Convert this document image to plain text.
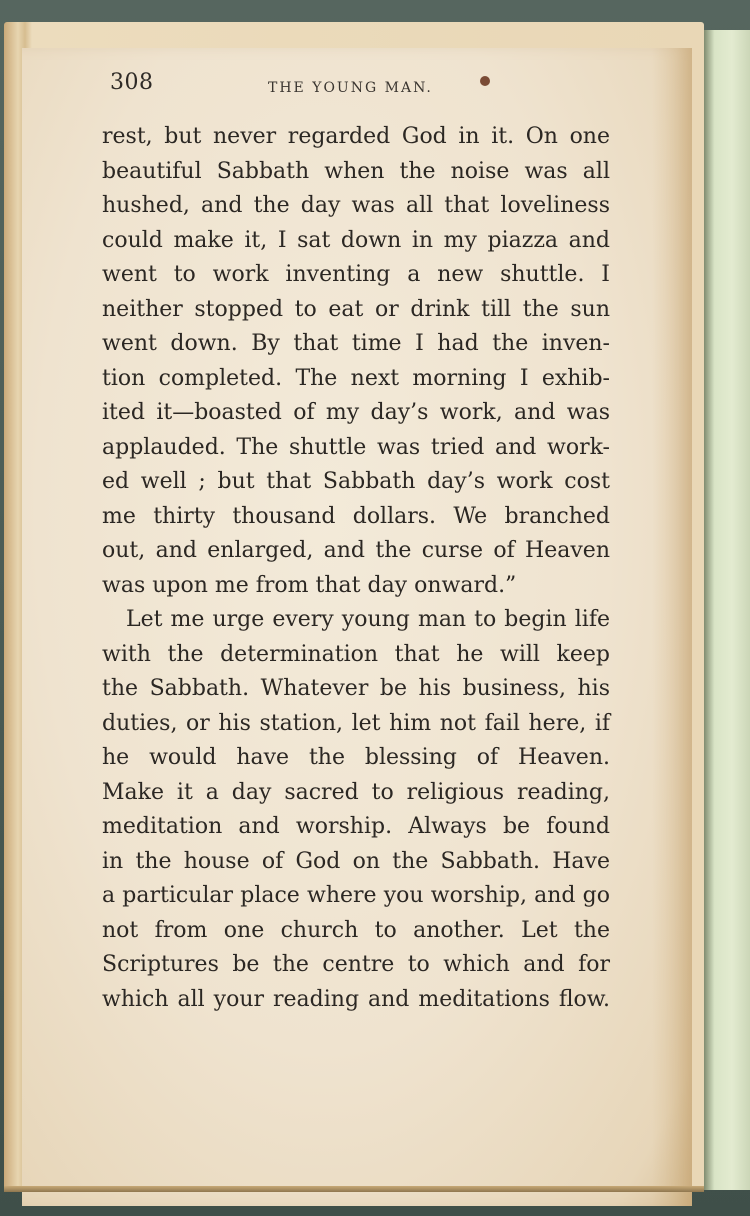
308	THE YOUNG MAN.
rest, but never regarded God in it. On one
beautiful Sabbath when the noise was all
hushed, and the day was all that loveliness
could make it, I sat down in my piazza and
went to work inventing a new shuttle. I
neither stopped to eat or drink till the sun
went down. By that time I had the inven-
tion completed. The next morning I exhib-
ited it—boasted of my day’s work, and was
applauded. The shuttle was tried and work-
ed well ; but that Sabbath day’s work cost
me thirty thousand dollars. We branched
out, and enlarged, and the curse of Heaven
was upon me from that day onward.”
Let me urge every young man to begin life
with the determination that he will keep
the Sabbath. Whatever be his business, his
duties, or his station, let him not fail here, if
he would have the blessing of Heaven.
Make it a day sacred to religious reading,
meditation and worship. Always be found
in the house of God on the Sabbath. Have
a particular place where you worship, and go
not from one church to another. Let the
Scriptures be the centre to which and for
which all your reading and meditations flow.
